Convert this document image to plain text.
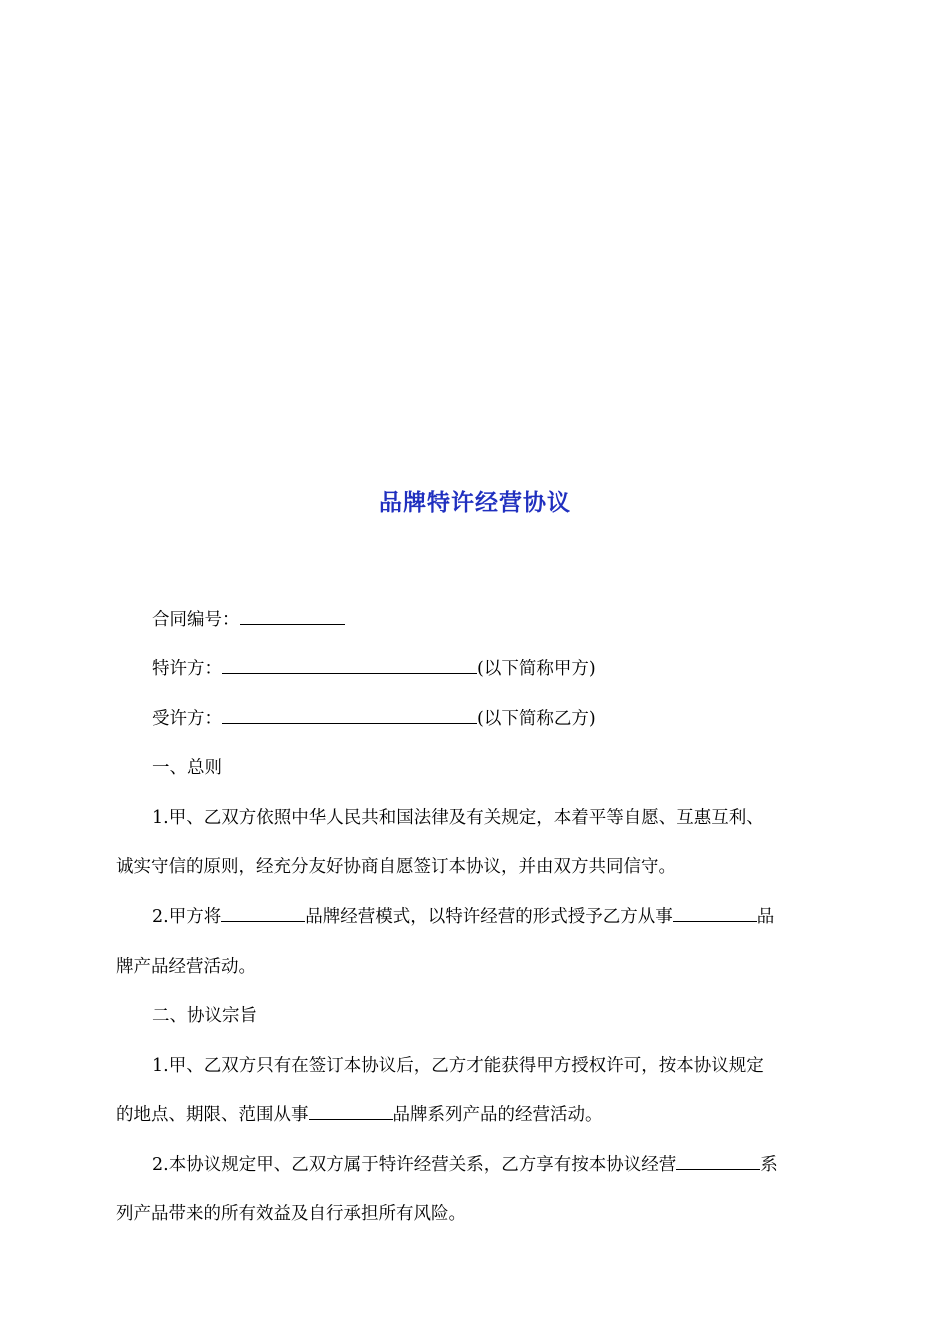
品牌特许经营协议
合同编号：
特许方：	(以下简称甲方)
受许方：	(以下简称乙方)
一、总则
1.甲、乙双方依照中华人民共和国法律及有关规定，本着平等自愿、互惠互利、
诚实守信的原则，经充分友好协商自愿签订本协议，并由双方共同信守。
2.甲方将	品牌经营模式，以特许经营的形式授予乙方从事	品
牌产品经营活动。
二、协议宗旨
1.甲、乙双方只有在签订本协议后，乙方才能获得甲方授权许可，按本协议规定
的地点、期限、范围从事	品牌系列产品的经营活动。
2.本协议规定甲、乙双方属于特许经营关系，乙方享有按本协议经营	系
列产品带来的所有效益及自行承担所有风险。
